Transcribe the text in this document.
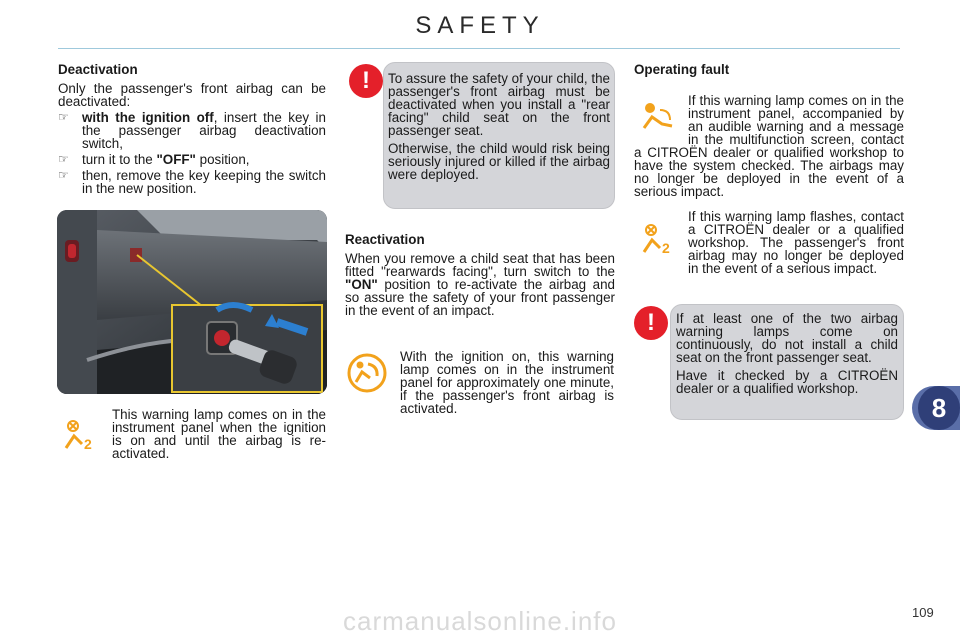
SAFETY
Deactivation
Only the passenger's front airbag can be deactivated:
☞ with the ignition off, insert the key in the passenger airbag deactivation switch,
☞ turn it to the "OFF" position,
☞ then, remove the key keeping the switch in the new position.
2
This warning lamp comes on in the instrument panel when the ignition is on and until the airbag is re-activated.
!	To assure the safety of your child, the passenger's front airbag must be deactivated when you install a "rear facing" child seat on the front passenger seat.
Otherwise, the child would risk being seriously injured or killed if the airbag were deployed.
Reactivation
When you remove a child seat that has been fitted "rearwards facing", turn switch to the "ON" position to re-activate the airbag and so assure the safety of your front passenger in the event of an impact.
With the ignition on, this warning lamp comes on in the instrument panel for approximately one minute, if the passenger's front airbag is activated.
Operating fault
If this warning lamp comes on in the instrument panel, accompanied by an audible warning and a message in the multifunction screen, contact a CITROËN dealer or qualified workshop to have the system checked. The airbags may no longer be deployed in the event of a serious impact.
2
If this warning lamp flashes, contact a CITROËN dealer or a qualified workshop. The passenger's front airbag may no longer be deployed in the event of a serious impact.
!	If at least one of the two airbag warning lamps come on continuously, do not install a child seat on the front passenger seat.
Have it checked by a CITROËN dealer or a qualified workshop.
8
carmanualsonline.info	109
